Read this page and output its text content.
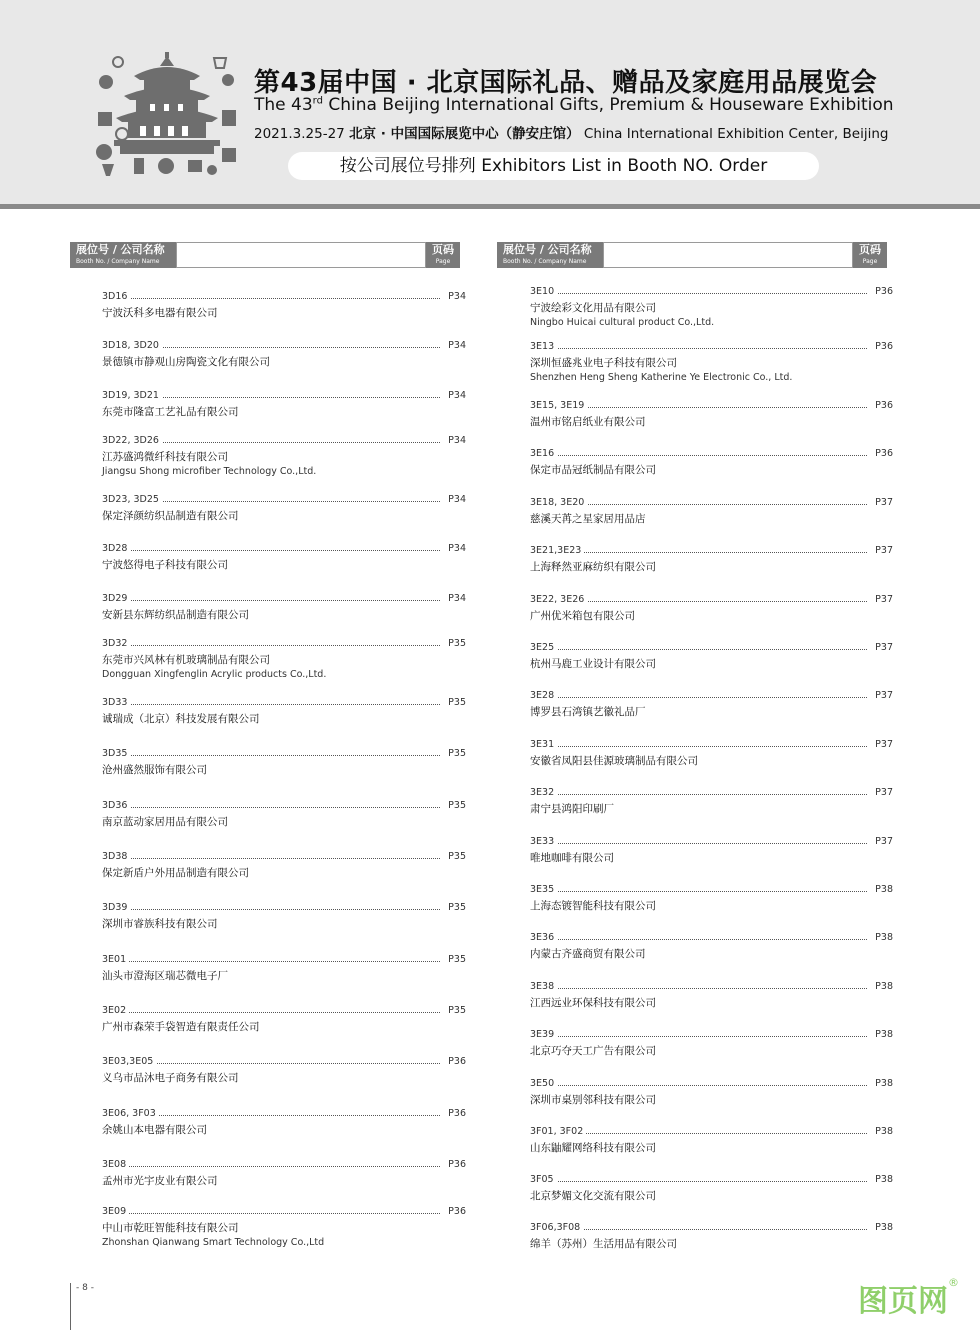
第43届中国 · 北京国际礼品、赠品及家庭用品展览会
The 43rd China Beijing International Gifts, Premium & Houseware Exhibition
2021.3.25-27 北京 · 中国国际展览中心（静安庄馆） China International Exhibition Center, Beijing
按公司展位号排列 Exhibitors List in Booth NO. Order
展位号 / 公司名称
Booth No. / Company Name
页码
Page
展位号 / 公司名称
Booth No. / Company Name
页码
Page
3D16	P34
宁波沃科多电器有限公司
3D18, 3D20	P34
景德镇市静观山房陶瓷文化有限公司
3D19, 3D21	P34
东莞市隆富工艺礼品有限公司
3D22, 3D26	P34
江苏盛鸿微纤科技有限公司
Jiangsu Shong microfiber Technology Co.,Ltd.
3D23, 3D25	P34
保定泽颜纺织品制造有限公司
3D28	P34
宁波悠得电子科技有限公司
3D29	P34
安新县东辉纺织品制造有限公司
3D32	P35
东莞市兴风林有机玻璃制品有限公司
Dongguan Xingfenglin Acrylic products Co.,Ltd.
3D33	P35
诚瑞成（北京）科技发展有限公司
3D35	P35
沧州盛然服饰有限公司
3D36	P35
南京蓝动家居用品有限公司
3D38	P35
保定新盾户外用品制造有限公司
3D39	P35
深圳市睿族科技有限公司
3E01	P35
汕头市澄海区瑞芯微电子厂
3E02	P35
广州市森荣手袋智造有限责任公司
3E03,3E05	P36
义乌市品沐电子商务有限公司
3E06, 3F03	P36
余姚山本电器有限公司
3E08	P36
孟州市光宇皮业有限公司
3E09	P36
中山市乾旺智能科技有限公司
Zhonshan Qianwang Smart Technology Co.,Ltd
3E10	P36
宁波绘彩文化用品有限公司
Ningbo Huicai cultural product Co.,Ltd.
3E13	P36
深圳恒盛兆业电子科技有限公司
Shenzhen Heng Sheng Katherine Ye Electronic Co., Ltd.
3E15, 3E19	P36
温州市铭启纸业有限公司
3E16	P36
保定市品冠纸制品有限公司
3E18, 3E20	P37
慈溪天苒之星家居用品店
3E21,3E23	P37
上海释然亚麻纺织有限公司
3E22, 3E26	P37
广州优米箱包有限公司
3E25	P37
杭州马鹿工业设计有限公司
3E28	P37
博罗县石湾镇艺徽礼品厂
3E31	P37
安徽省凤阳县佳源玻璃制品有限公司
3E32	P37
肃宁县鸿阳印刷厂
3E33	P37
唯地咖啡有限公司
3E35	P38
上海态镀智能科技有限公司
3E36	P38
内蒙古齐盛商贸有限公司
3E38	P38
江西远业环保科技有限公司
3E39	P38
北京巧夺天工广告有限公司
3E50	P38
深圳市桌别邻科技有限公司
3F01, 3F02	P38
山东鼬耀网络科技有限公司
3F05	P38
北京梦媚文化交流有限公司
3F06,3F08	P38
绵羊（苏州）生活用品有限公司
- 8 -	图页网®
